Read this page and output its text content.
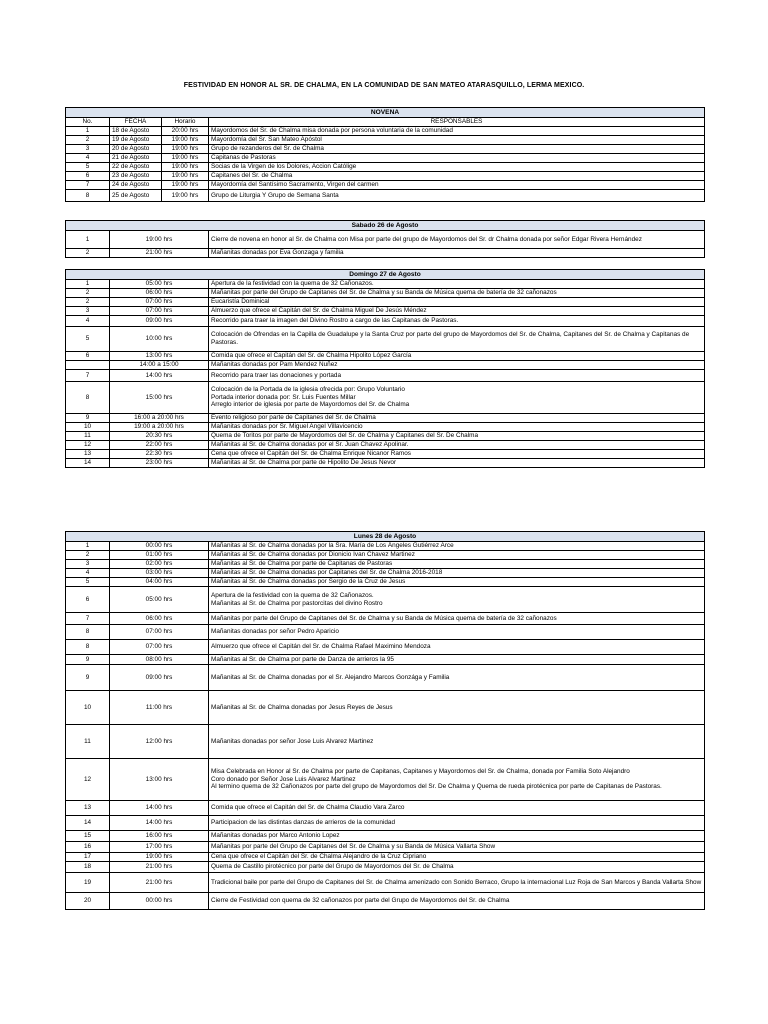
FESTIVIDAD EN HONOR AL SR. DE CHALMA, EN LA COMUNIDAD DE SAN MATEO ATARASQUILLO, LERMA MEXICO.
NOVENA			
No.	FECHA	Horario	RESPONSABLES
1	18 de Agosto	20:00 hrs	Mayordomos del Sr. de Chalma misa donada por persona voluntaria de la comunidad
2	19 de Agosto	19:00 hrs	Mayordomía del Sr. San Mateo Apóstol
3	20 de Agosto	19:00 hrs	Grupo de rezanderos del Sr. de Chalma
4	21 de Agosto	19:00 hrs	Capitanas de Pastoras
5	22 de Agosto	19:00 hrs	Socias de la Virgen de los Dolores, Accion Católige
6	23 de Agosto	19:00 hrs	Capitanes del Sr. de Chalma
7	24 de Agosto	19:00 hrs	Mayordomía del Santísimo Sacramento, Virgen del carmen
8	25 de Agosto	19:00 hrs	Grupo de Liturgia Y Grupo de Semana Santa
Sabado 26 de Agosto		
1	19:00 hrs	Cierre de novena en honor al Sr. de Chalma con Misa por parte del grupo de Mayordomos del Sr. dr Chalma donada por señor Edgar Rivera Hernández
2	21:00 hrs	Mañanitas donadas por Eva Gonzaga y familia
Domingo 27 de Agosto		
1	05:00 hrs	Apertura de la festividad con la quema de 32 Cañonazos.
2	06:00 hrs	Mañanitas por parte del Grupo de Capitanes del Sr. de Chalma y su Banda de Música quema de batería de 32 cañonazos
2	07:00 hrs	Eucaristía Dominical
3	07:00 hrs	Almuerzo que ofrece el Capitán del Sr. de Chalma Miguel De Jesús Méndez
4	09:00 hrs	Recorrido para traer la imagen del Divino Rostro a cargo de las Capitanas de Pastoras.
5	10:00 hrs	Colocación de Ofrendas en la Capilla de Guadalupe y la Santa Cruz por parte del grupo de Mayordomos del Sr. de Chalma, Capitanes del Sr. de Chalma y Capitanas de Pastoras.
6	13:00 hrs	Comida que ofrece el Capitán del Sr. de Chalma Hipolito López García
	14:00 a 15:00	Mañanitas donadas por Pam Mendez Nuñez
7	14:00 hrs	Recorrido para traer las donaciones y portada
8	15:00 hrs	Colocación de la Portada de la iglesia ofrecida por: Grupo Voluntario
Portada interior donada por: Sr. Luis Fuentes Millar
Arreglo interior de iglesia por parte de Mayordomos del Sr. de Chalma

9	16:00 a 20:00 hrs	Evento religioso por parte de Capitanes del Sr. de Chalma
10	19:00 a 20:00 hrs	Mañanitas donadas por Sr. Miguel Angel Villavicencio
11	20:30 hrs	Quema de Toritos por parte de Mayordomos del Sr. de Chalma y Capitanes del Sr. De Chalma
12	22:00 hrs	Mañanitas al Sr. de Chalma donadas por el Sr. Juan Chavez Apolinar.
13	22:30 hrs	Cena que ofrece el Capitán del Sr. de Chalma Enrique Nicanor Ramos
14	23:00 hrs	Mañanitas al Sr. de Chalma por parte de Hipolito De Jesus Nevor
Lunes 28 de Agosto		
1	00:00 hrs	Mañanitas al Sr. de Chalma donadas por la Sra. María de Los Ángeles Gutiérrez Arce
2	01:00 hrs	Mañanitas al Sr. de Chalma donadas por Dionicio Ivan Chavez Martinez
3	02:00 hrs	Mañanitas al Sr. de Chalma por parte de Capitanas de Pastoras
4	03:00 hrs	Mañanitas al Sr. de Chalma donadas por Capitanes del Sr. de Chalma 2016-2018
5	04:00 hrs	Mañanitas al Sr. de Chalma donadas por Sergio de la Cruz de Jesus
6	05:00 hrs	Apertura de la festividad con la quema de 32 Cañonazos.
Mañanitas al Sr. de Chalma por pastorcitas del divino Rostro

7	06:00 hrs	Mañanitas por parte del Grupo de Capitanes del Sr. de Chalma y su Banda de Música quema de batería de 32 cañonazos
8	07:00 hrs	Mañanitas donadas por señor Pedro Aparicio
8	07:00 hrs	Almuerzo que ofrece el Capitán del Sr. de Chalma Rafael Maximino Mendoza
9	08:00 hrs	Mañanitas al Sr. de Chalma por parte de Danza de arrieros la 95
9	09:00 hrs	Mañanitas al Sr. de Chalma donadas por el Sr. Alejandro Marcos Gonzága y Familia
10	11:00 hrs	Mañanitas al Sr. de Chalma donadas por Jesus Reyes de Jesus
11	12:00 hrs	Mañanitas donadas por señor Jose Luis Alvarez Martinez
12	13:00 hrs	Misa Celebrada en Honor al Sr. de Chalma por parte de Capitanas, Capitanes y Mayordomos del Sr. de Chalma, donada por Familia Soto Alejandro
Coro donado por Señor Jose Luis Alvarez Martinez
Al termino quema de 32 Cañonazos por parte del grupo de Mayordomos del Sr. De Chalma y Quema de rueda pirotécnica por parte de Capitanas de Pastoras.

13	14:00 hrs	Comida que ofrece el Capitán del Sr. de Chalma Claudio Vara Zarco
14	14:00 hrs	Participacion de las distintas danzas de arrieros de la comunidad
15	16:00 hrs	Mañanitas donadas por Marco Antonio Lopez
16	17:00 hrs	Mañanitas por parte del Grupo de Capitanes del Sr. de Chalma y su Banda de Música Vallarta Show
17	19:00 hrs	Cena que ofrece el Capitán del Sr. de Chalma Alejandro de la Cruz Cipriano
18	21:00 hrs	Quema de Castillo pirotécnico por parte del Grupo de Mayordomos del Sr. de Chalma
19	21:00 hrs	Tradicional baile por parte del Grupo de Capitanes del Sr. de Chalma amenizado con Sonido Berraco, Grupo la internacional Luz Roja de San Marcos y Banda Vallarta Show
20	00:00 hrs	Cierre de Festividad con quema de 32 cañonazos por parte del Grupo de Mayordomos del Sr. de Chalma
